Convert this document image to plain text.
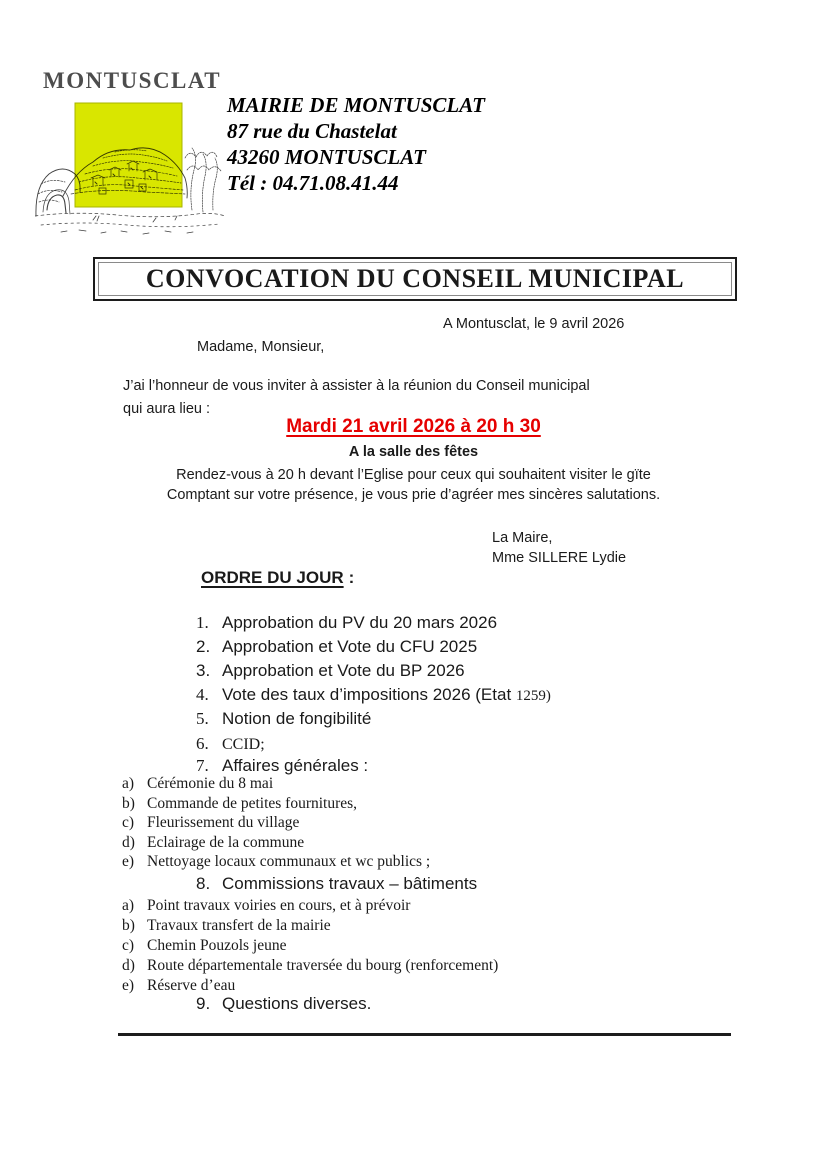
MONTUSCLAT
MAIRIE DE MONTUSCLAT
87 rue du Chastelat
43260 MONTUSCLAT
Tél : 04.71.08.41.44
CONVOCATION DU CONSEIL MUNICIPAL
A Montusclat, le 9 avril 2026
Madame, Monsieur,
J’ai l’honneur de vous inviter à assister à la réunion du Conseil municipal
qui aura lieu :
Mardi 21 avril 2026 à 20 h 30
A la salle des fêtes
Rendez-vous à 20 h devant l’Eglise pour ceux qui souhaitent visiter le gïte
Comptant sur votre présence, je vous prie d’agréer mes sincères salutations.
La Maire,
Mme SILLERE Lydie
ORDRE DU JOUR :
1. Approbation du PV du 20 mars 2026
2. Approbation et Vote du CFU 2025
3. Approbation et Vote du BP 2026
4. Vote des taux d’impositions 2026 (Etat 1259)
5. Notion de fongibilité
6. CCID;
7. Affaires générales :
a) Cérémonie du 8 mai
b) Commande de petites fournitures,
c) Fleurissement du village
d) Eclairage de la commune
e) Nettoyage locaux communaux et wc publics ;
8. Commissions travaux – bâtiments
a) Point travaux voiries en cours, et à prévoir
b) Travaux transfert de la mairie
c) Chemin Pouzols jeune
d) Route départementale traversée du bourg (renforcement)
e) Réserve d’eau
9. Questions diverses.
